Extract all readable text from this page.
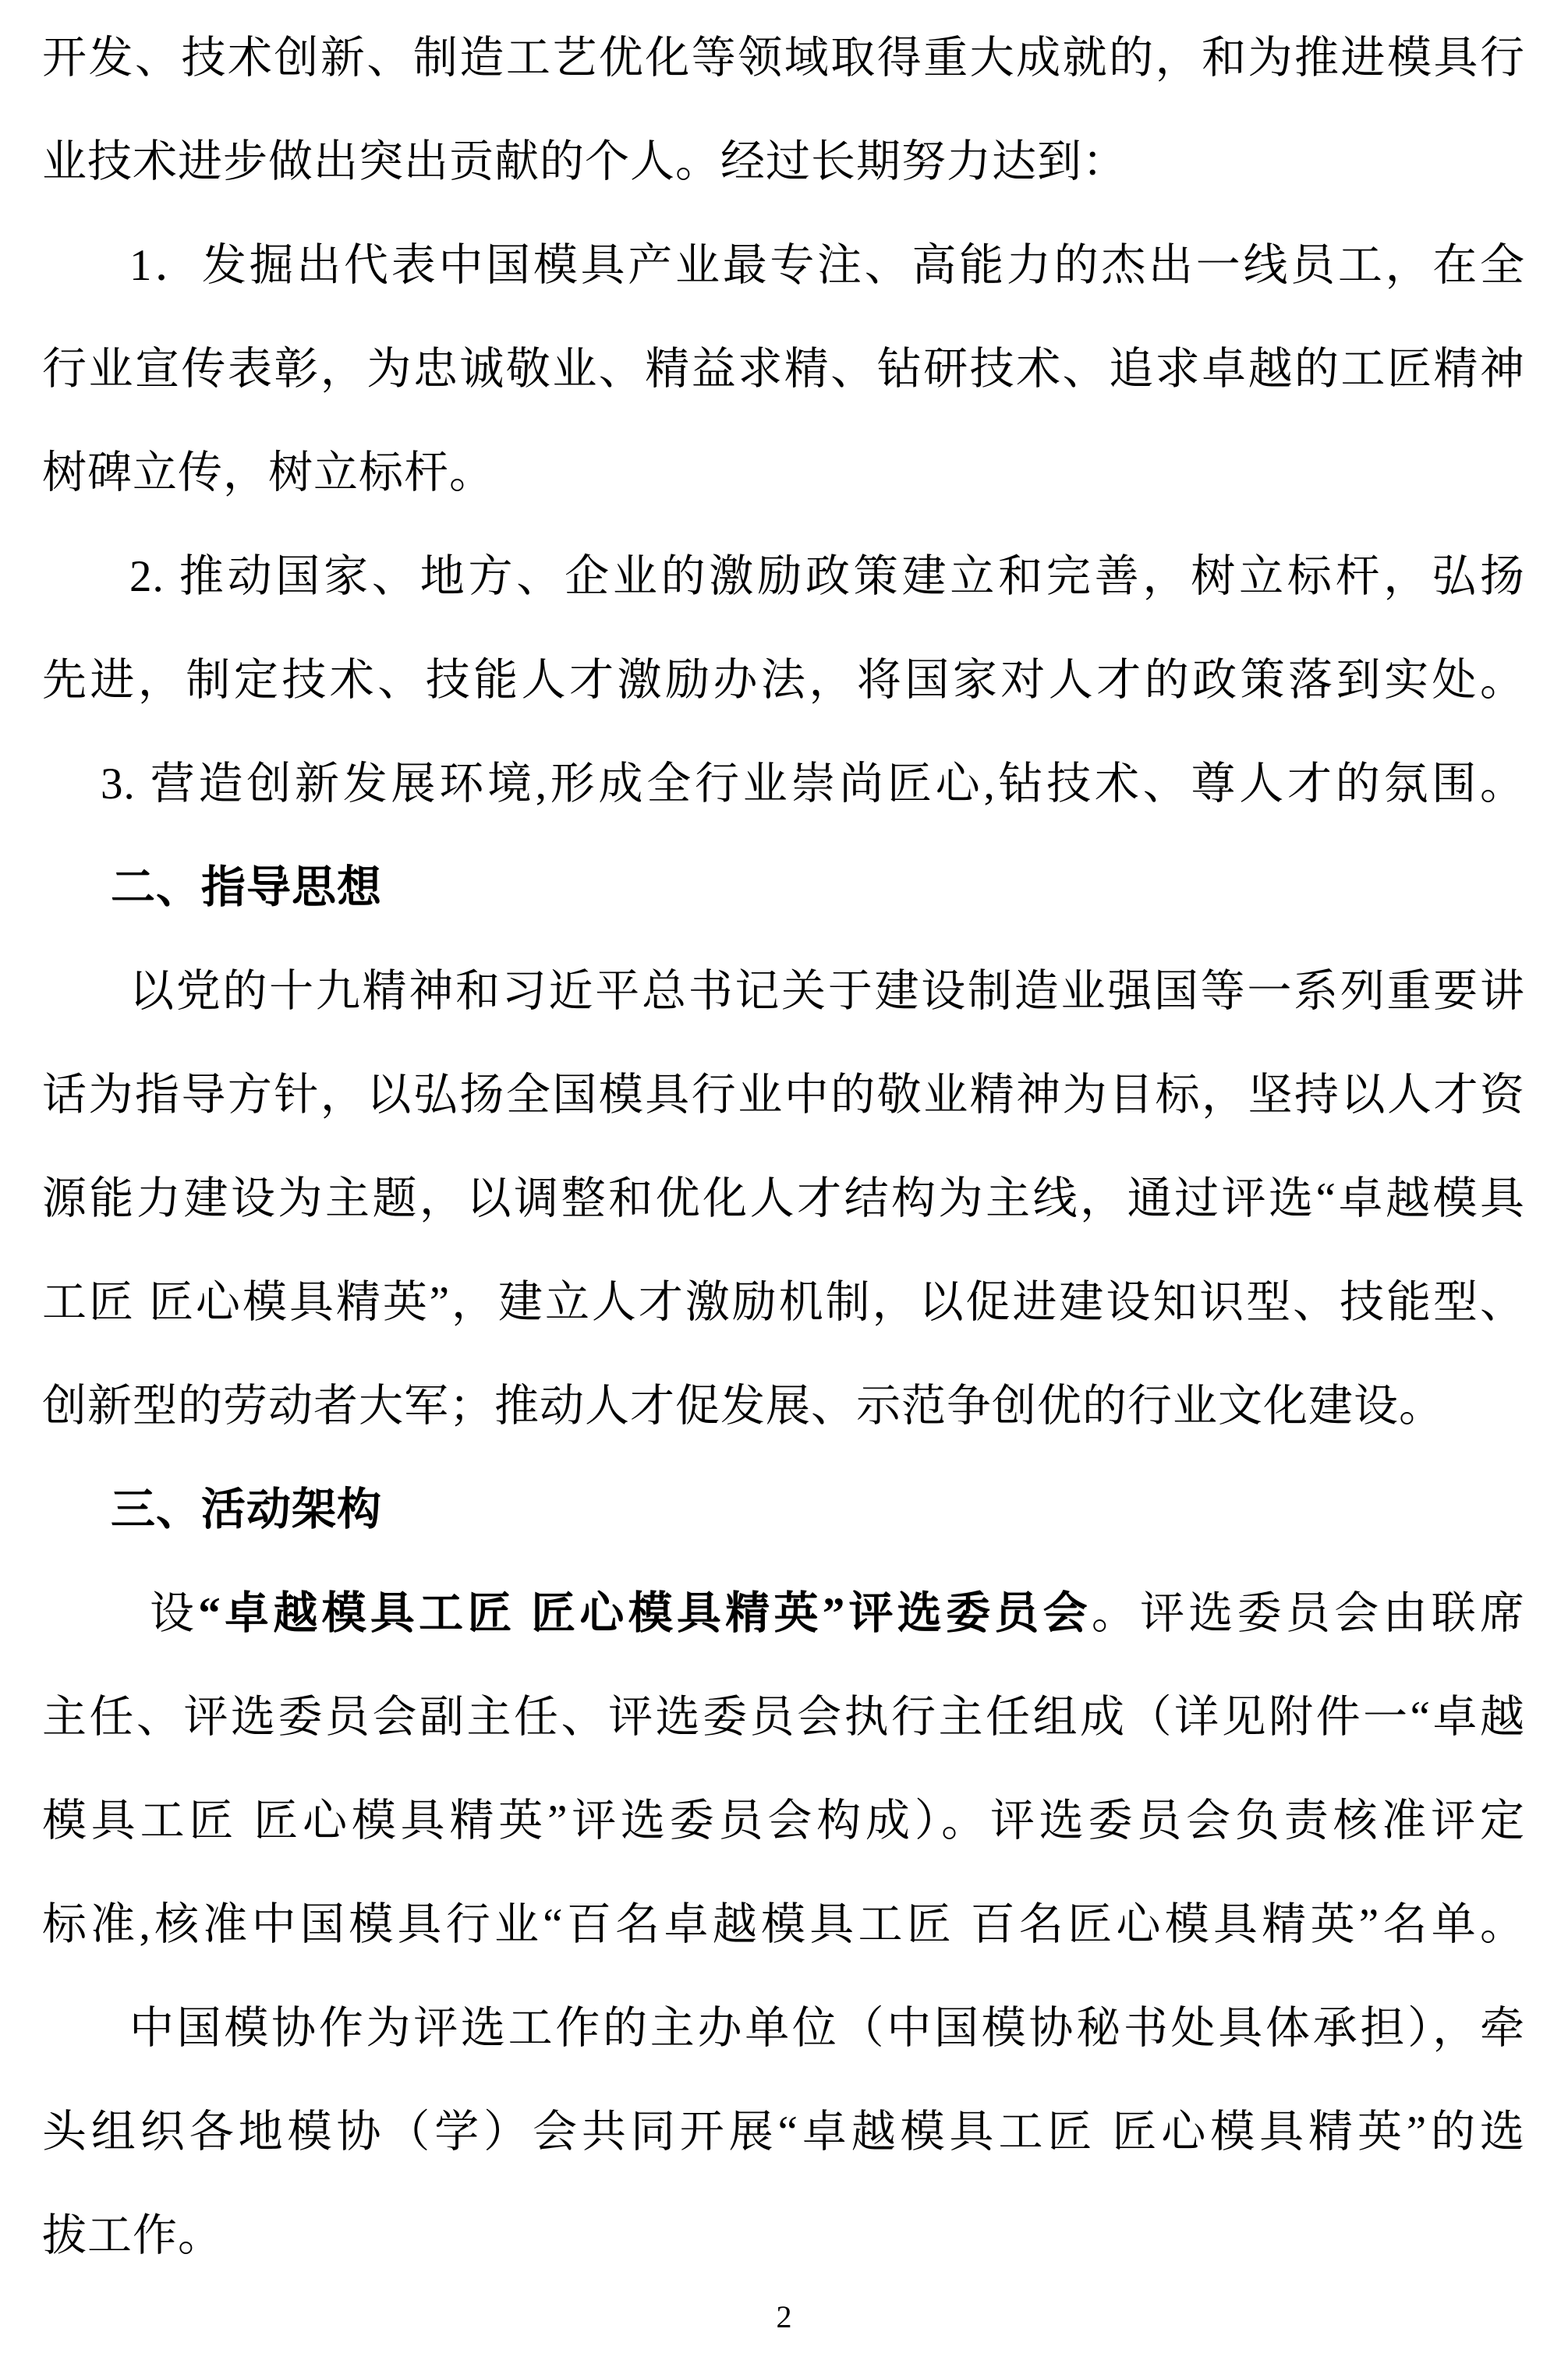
开发、技术创新、制造工艺优化等领域取得重大成就的，和为推进模具行
业技术进步做出突出贡献的个人。经过长期努力达到：
1．发掘出代表中国模具产业最专注、高能力的杰出一线员工，在全
行业宣传表彰，为忠诚敬业、精益求精、钻研技术、追求卓越的工匠精神
树碑立传，树立标杆。
2. 推动国家、地方、企业的激励政策建立和完善，树立标杆，弘扬
先进，制定技术、技能人才激励办法，将国家对人才的政策落到实处。
3. 营造创新发展环境,形成全行业崇尚匠心,钻技术、尊人才的氛围。
二、指导思想
以党的十九精神和习近平总书记关于建设制造业强国等一系列重要讲
话为指导方针，以弘扬全国模具行业中的敬业精神为目标，坚持以人才资
源能力建设为主题，以调整和优化人才结构为主线，通过评选“卓越模具
工匠 匠心模具精英”，建立人才激励机制，以促进建设知识型、技能型、
创新型的劳动者大军；推动人才促发展、示范争创优的行业文化建设。
三、活动架构
设“卓越模具工匠 匠心模具精英”评选委员会。评选委员会由联席
主任、评选委员会副主任、评选委员会执行主任组成（详见附件一“卓越
模具工匠 匠心模具精英”评选委员会构成）。评选委员会负责核准评定
标准,核准中国模具行业“百名卓越模具工匠 百名匠心模具精英”名单。
中国模协作为评选工作的主办单位（中国模协秘书处具体承担），牵
头组织各地模协（学）会共同开展“卓越模具工匠 匠心模具精英”的选
拔工作。
2
